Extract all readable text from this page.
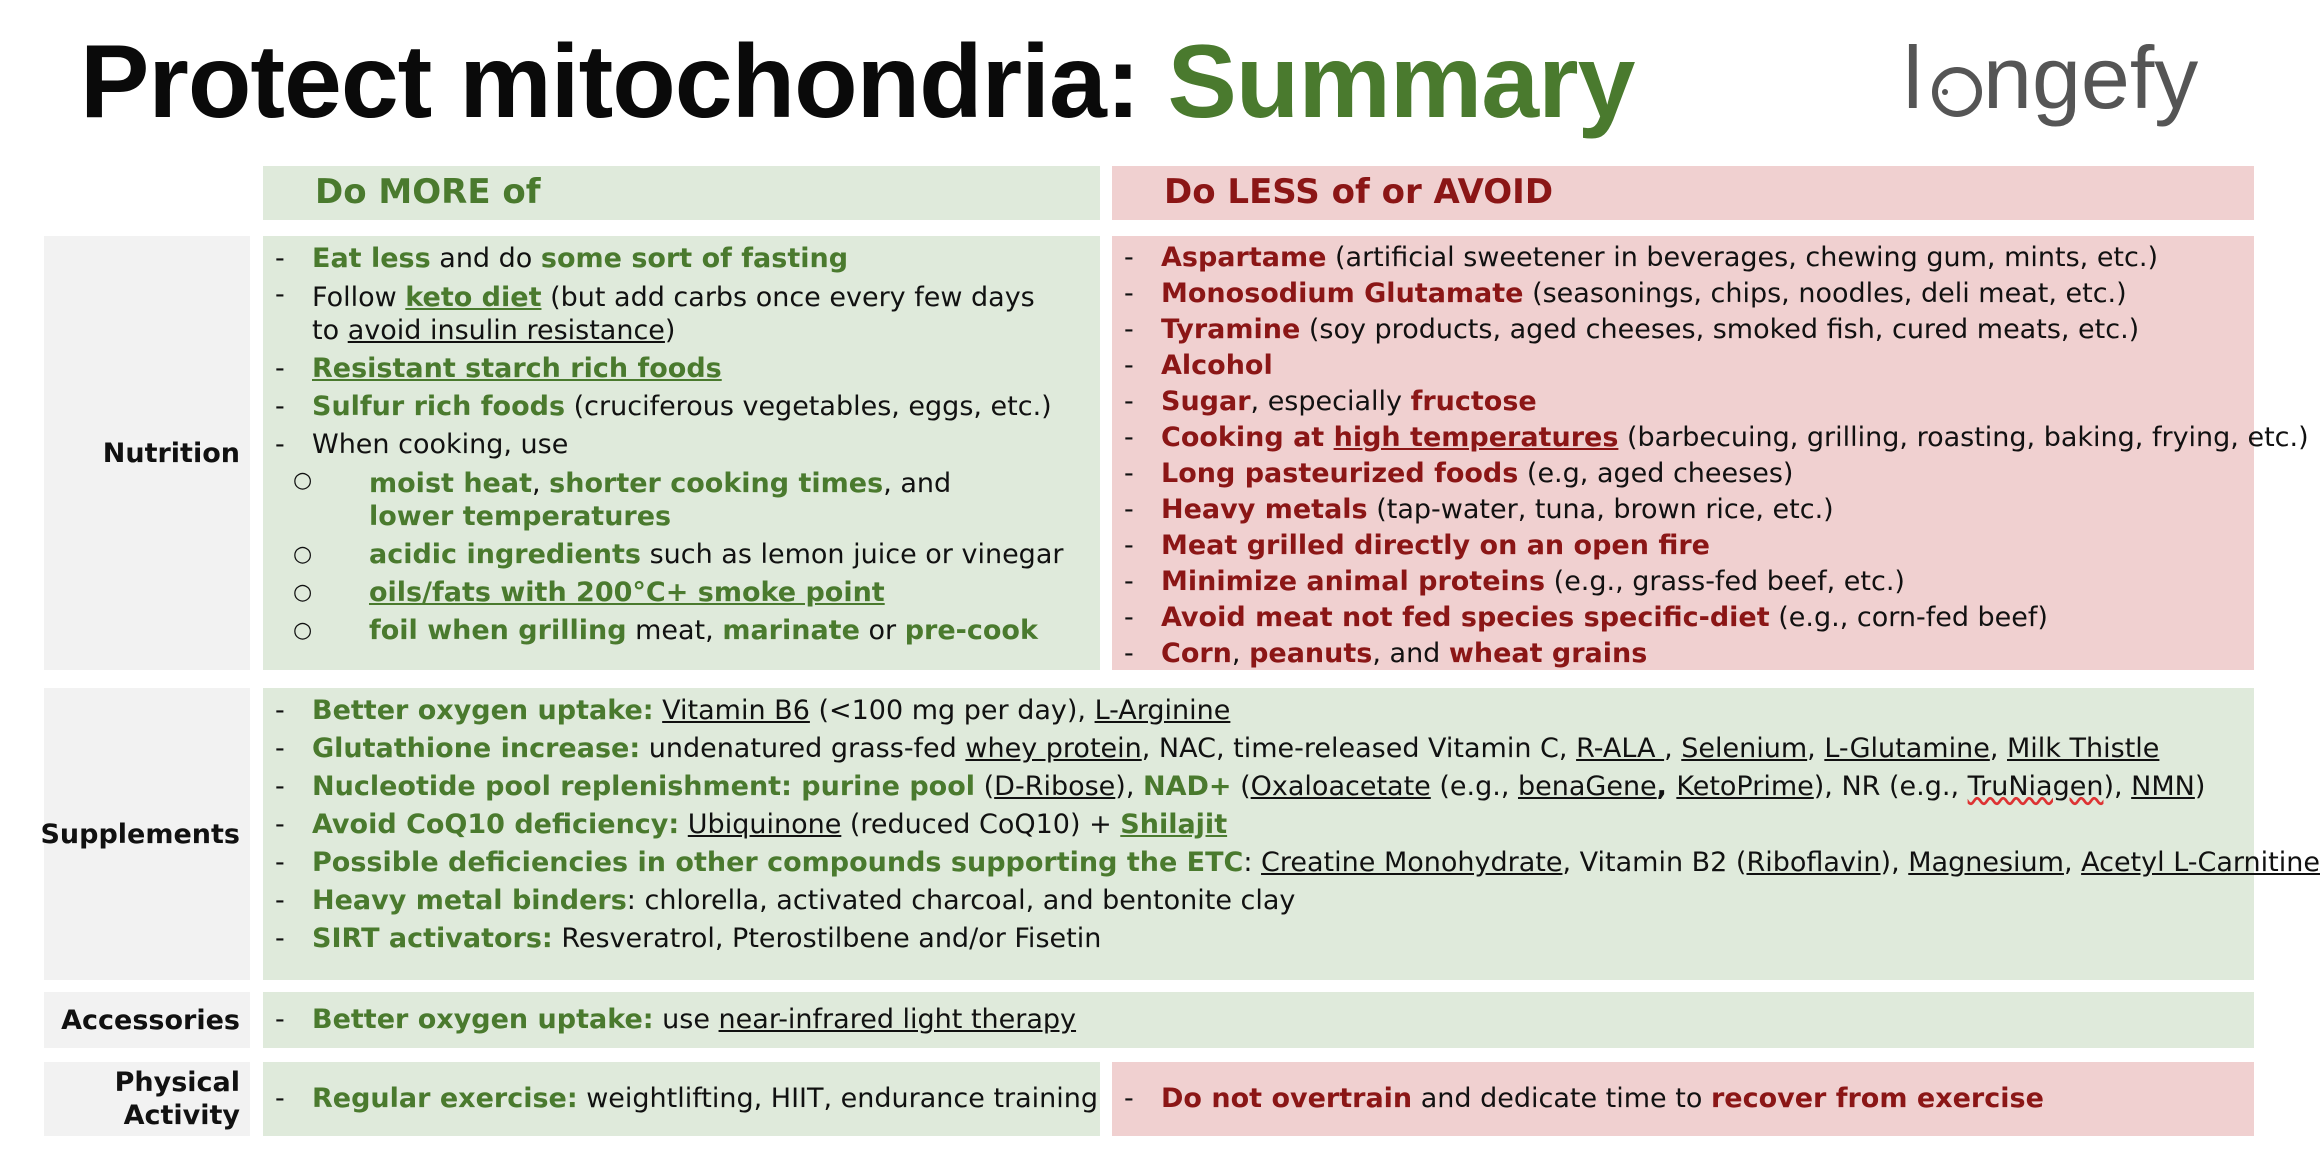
Protect mitochondria: Summary	l ngefy
Do MORE of	Do LESS of or AVOID
Nutrition
Supplements
Accessories
Physical
Activity
- Eat less and do some sort of fasting
- Follow keto diet (but add carbs once every few days to avoid insulin resistance)
- Resistant starch rich foods
- Sulfur rich foods (cruciferous vegetables, eggs, etc.)
- When cooking, use
○ moist heat, shorter cooking times, and lower temperatures
○ acidic ingredients such as lemon juice or vinegar
○ oils/fats with 200°C+ smoke point
○ foil when grilling meat, marinate or pre-cook
- Aspartame (artificial sweetener in beverages, chewing gum, mints, etc.)
- Monosodium Glutamate (seasonings, chips, noodles, deli meat, etc.)
- Tyramine (soy products, aged cheeses, smoked fish, cured meats, etc.)
- Alcohol
- Sugar, especially fructose
- Cooking at high temperatures (barbecuing, grilling, roasting, baking, frying, etc.)
- Long pasteurized foods (e.g, aged cheeses)
- Heavy metals (tap-water, tuna, brown rice, etc.)
- Meat grilled directly on an open fire
- Minimize animal proteins (e.g., grass-fed beef, etc.)
- Avoid meat not fed species specific-diet (e.g., corn-fed beef)
- Corn, peanuts, and wheat grains
- Better oxygen uptake: Vitamin B6 (<100 mg per day), L-Arginine
- Glutathione increase: undenatured grass-fed whey protein, NAC, time-released Vitamin C, R-ALA , Selenium, L-Glutamine, Milk Thistle
- Nucleotide pool replenishment: purine pool (D-Ribose), NAD+ (Oxaloacetate (e.g., benaGene, KetoPrime), NR (e.g., TruNiagen), NMN)
- Avoid CoQ10 deficiency: Ubiquinone (reduced CoQ10) + Shilajit
- Possible deficiencies in other compounds supporting the ETC: Creatine Monohydrate, Vitamin B2 (Riboflavin), Magnesium, Acetyl L-Carnitine
- Heavy metal binders: chlorella, activated charcoal, and bentonite clay
- SIRT activators: Resveratrol, Pterostilbene and/or Fisetin
- Better oxygen uptake: use near-infrared light therapy
- Regular exercise: weightlifting, HIIT, endurance training
-	Do not overtrain and dedicate time to recover from exercise
